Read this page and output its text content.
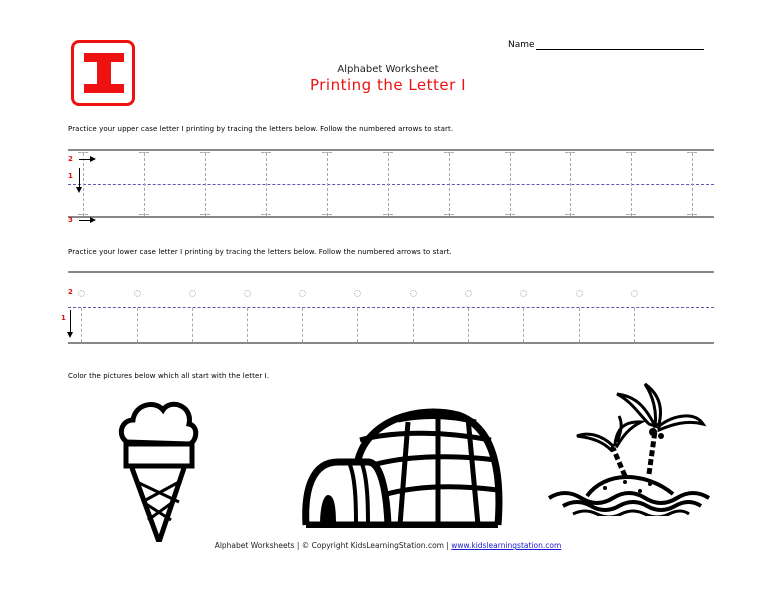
Name
Alphabet Worksheet
Printing the Letter I
Practice your upper case letter I printing by tracing the letters below. Follow the numbered arrows to start.
2
1
3
Practice your lower case letter I printing by tracing the letters below. Follow the numbered arrows to start.
2
1
Color the pictures below which all start with the letter I.
Alphabet Worksheets | © Copyright KidsLearningStation.com | www.kidslearningstation.com
